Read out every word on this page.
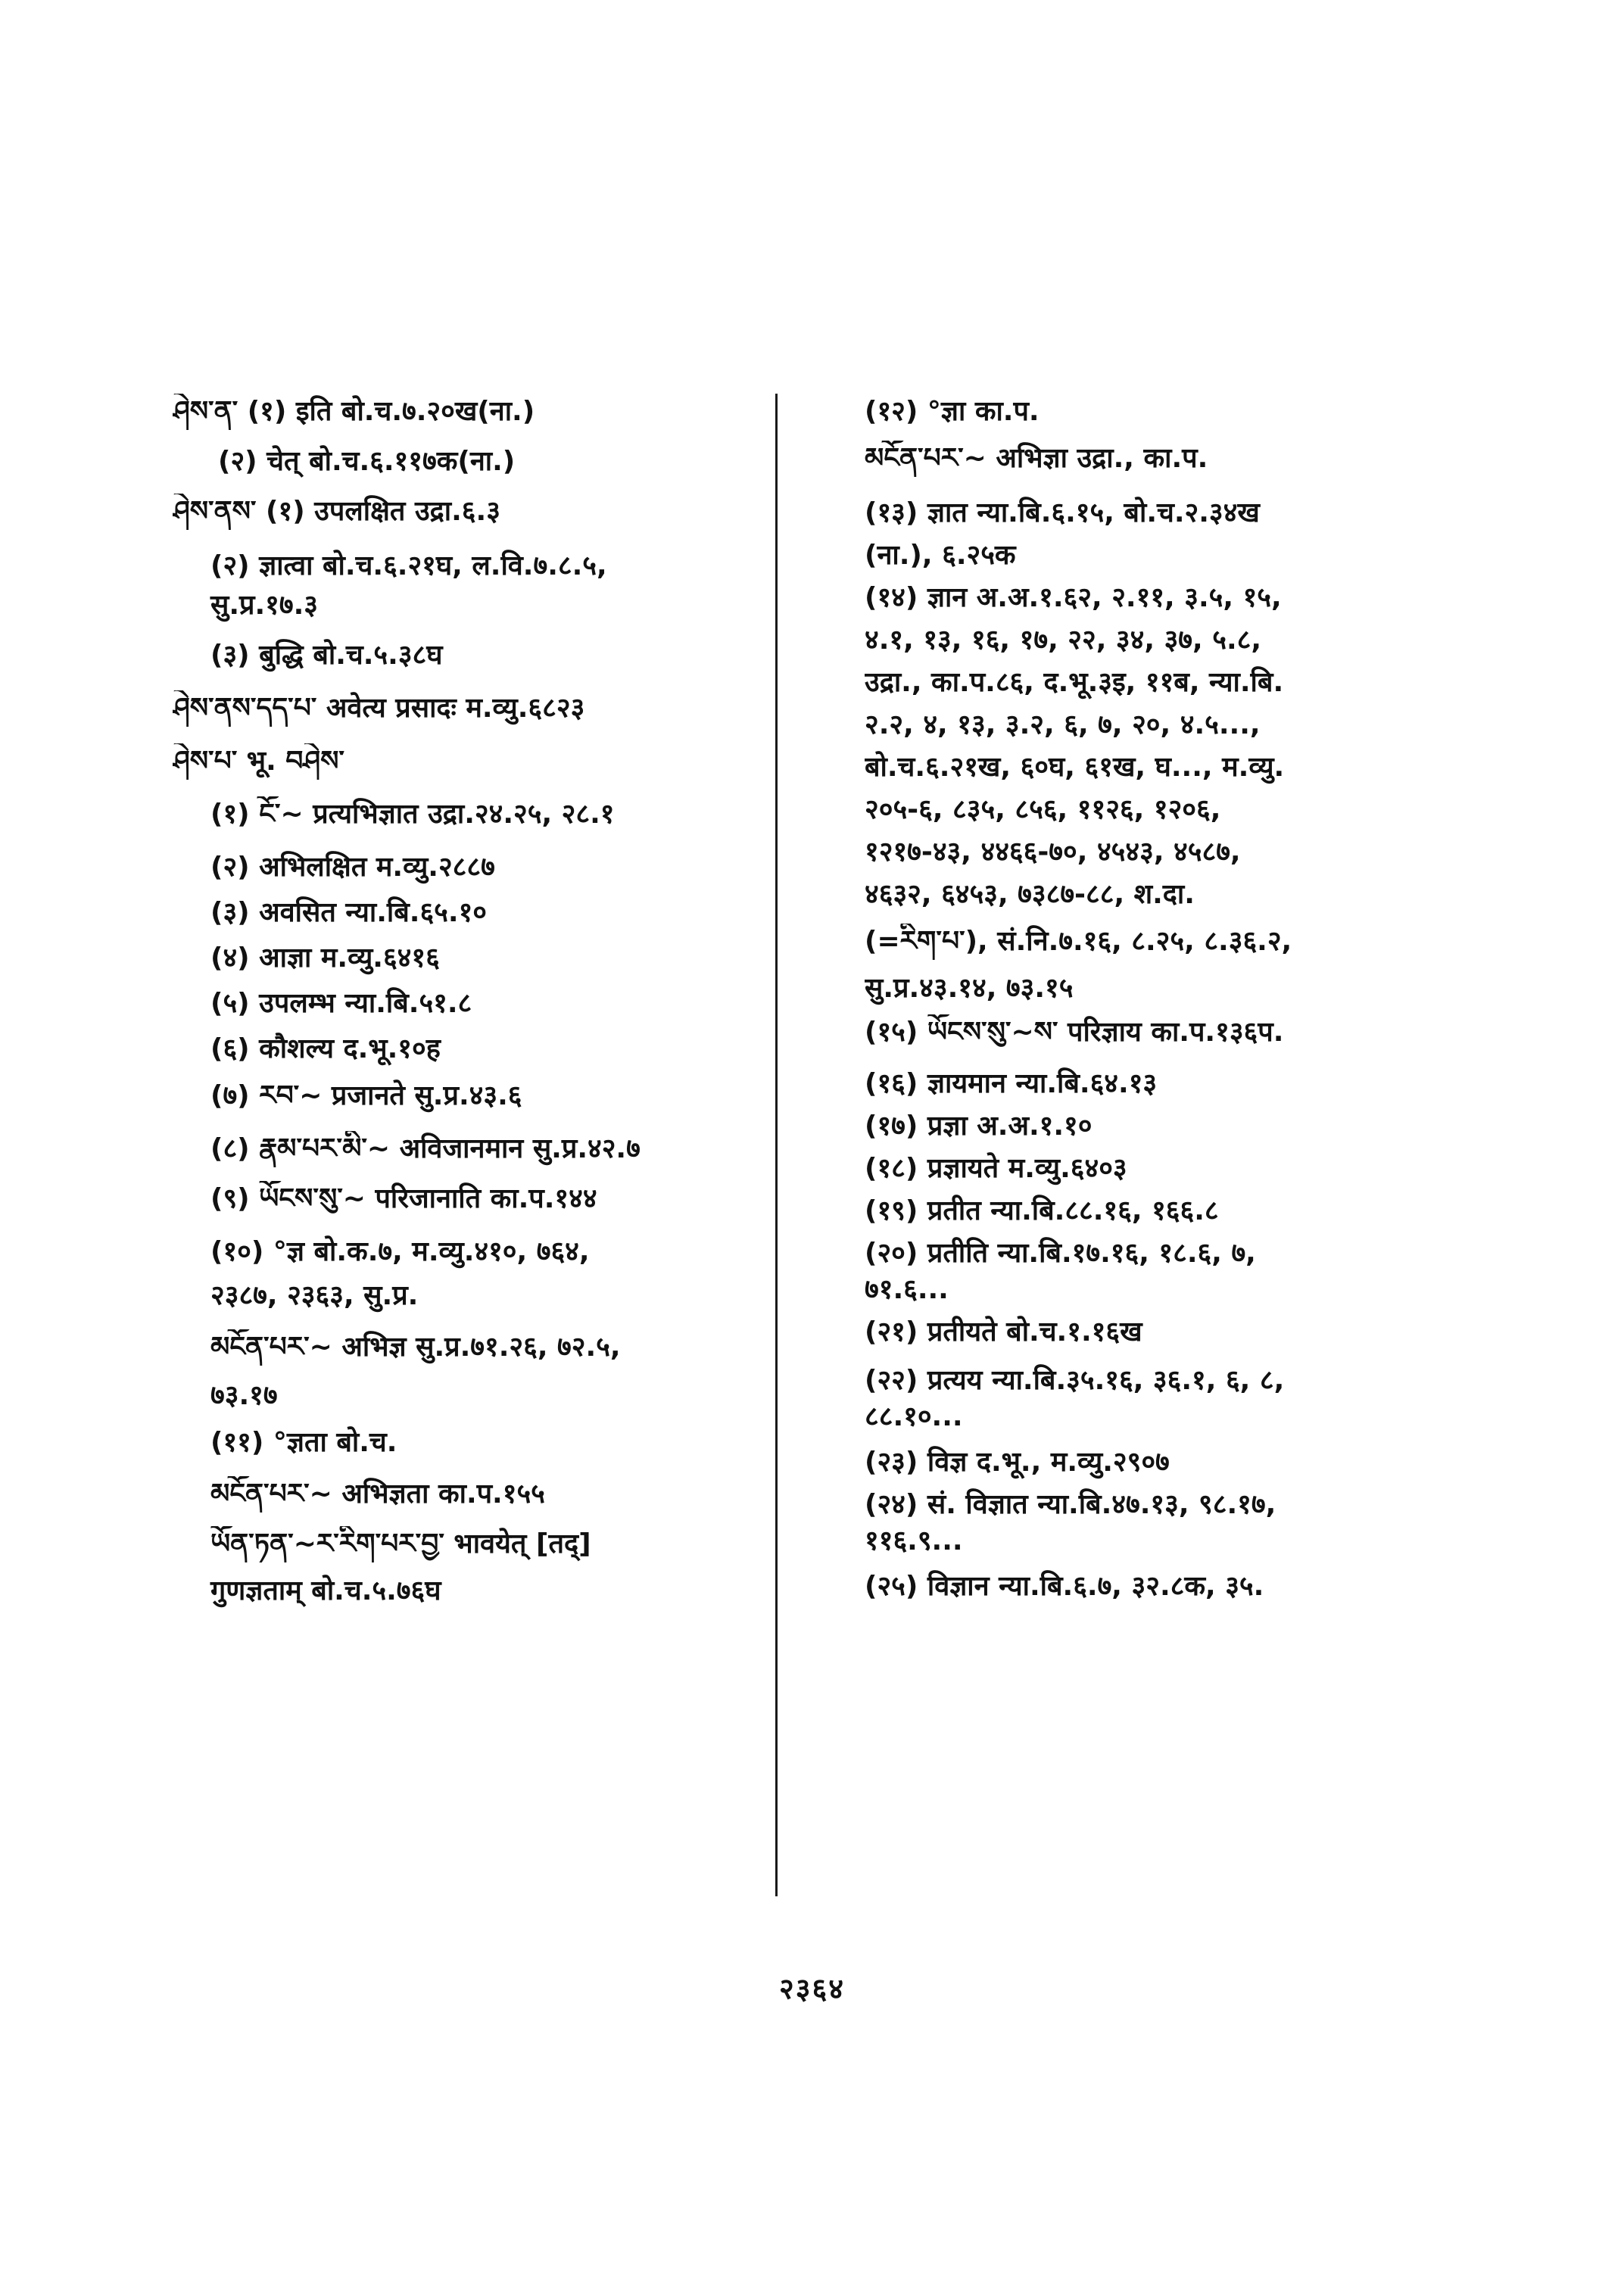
ཤེས་ན་ (१) इति बो.च.७.२०ख(ना.)
(२) चेत् बो.च.६.११७क(ना.)
ཤེས་ནས་ (१) उपलक्षित उद्रा.६.३
(२) ज्ञात्वा बो.च.६.२१घ, ल.वि.७.८.५,
सु.प्र.१७.३
(३) बुद्धि बो.च.५.३८घ
ཤེས་ནས་དད་པ་ अवेत्य प्रसादः म.व्यु.६८२३
ཤེས་པ་ भू. བཤེས་
(१) ངོ་~ प्रत्यभिज्ञात उद्रा.२४.२५, २८.१
(२) अभिलक्षित म.व्यु.२८८७
(३) अवसित न्या.बि.६५.१०
(४) आज्ञा म.व्यु.६४१६
(५) उपलम्भ न्या.बि.५१.८
(६) कौशल्य द.भू.१०ह
(७) རབ་~ प्रजानते सु.प्र.४३.६
(८) རྣམ་པར་མི་~ अविजानमान सु.प्र.४२.७
(९) ཡོངས་སུ་~ परिजानाति का.प.१४४
(१०) °ज्ञ बो.क.७, म.व्यु.४१०, ७६४,
२३८७, २३६३, सु.प्र.
མངོན་པར་~ अभिज्ञ सु.प्र.७१.२६, ७२.५,
७३.१७
(११) °ज्ञता बो.च.
མངོན་པར་~ अभिज्ञता का.प.१५५
ཡོན་ཏན་~ར་རིག་པར་བྱ་ भावयेत् [तद्]
गुणज्ञताम् बो.च.५.७६घ
(१२) °ज्ञा का.प.
མངོན་པར་~ अभिज्ञा उद्रा., का.प.
(१३) ज्ञात न्या.बि.६.१५, बो.च.२.३४ख
(ना.), ६.२५क
(१४) ज्ञान अ.अ.१.६२, २.११, ३.५, १५,
४.१, १३, १६, १७, २२, ३४, ३७, ५.८,
उद्रा., का.प.८६, द.भू.३इ, ११ब, न्या.बि.
२.२, ४, १३, ३.२, ६, ७, २०, ४.५...,
बो.च.६.२१ख, ६०घ, ६१ख, घ..., म.व्यु.
२०५-६, ८३५, ८५६, ११२६, १२०६,
१२१७-४३, ४४६६-७०, ४५४३, ४५८७,
४६३२, ६४५३, ७३८७-८८, श.दा.
(=རིག་པ་), सं.नि.७.१६, ८.२५, ८.३६.२,
सु.प्र.४३.१४, ७३.१५
(१५) ཡོངས་སུ་~ས་ परिज्ञाय का.प.१३६प.
(१६) ज्ञायमान न्या.बि.६४.१३
(१७) प्रज्ञा अ.अ.१.१०
(१८) प्रज्ञायते म.व्यु.६४०३
(१९) प्रतीत न्या.बि.८८.१६, १६६.८
(२०) प्रतीति न्या.बि.१७.१६, १८.६, ७,
७१.६...
(२१) प्रतीयते बो.च.१.१६ख
(२२) प्रत्यय न्या.बि.३५.१६, ३६.१, ६, ८,
८८.१०...
(२३) विज्ञ द.भू., म.व्यु.२९०७
(२४) सं. विज्ञात न्या.बि.४७.१३, ९८.१७,
११६.९...
(२५) विज्ञान न्या.बि.६.७, ३२.८क, ३५.
२३६४
